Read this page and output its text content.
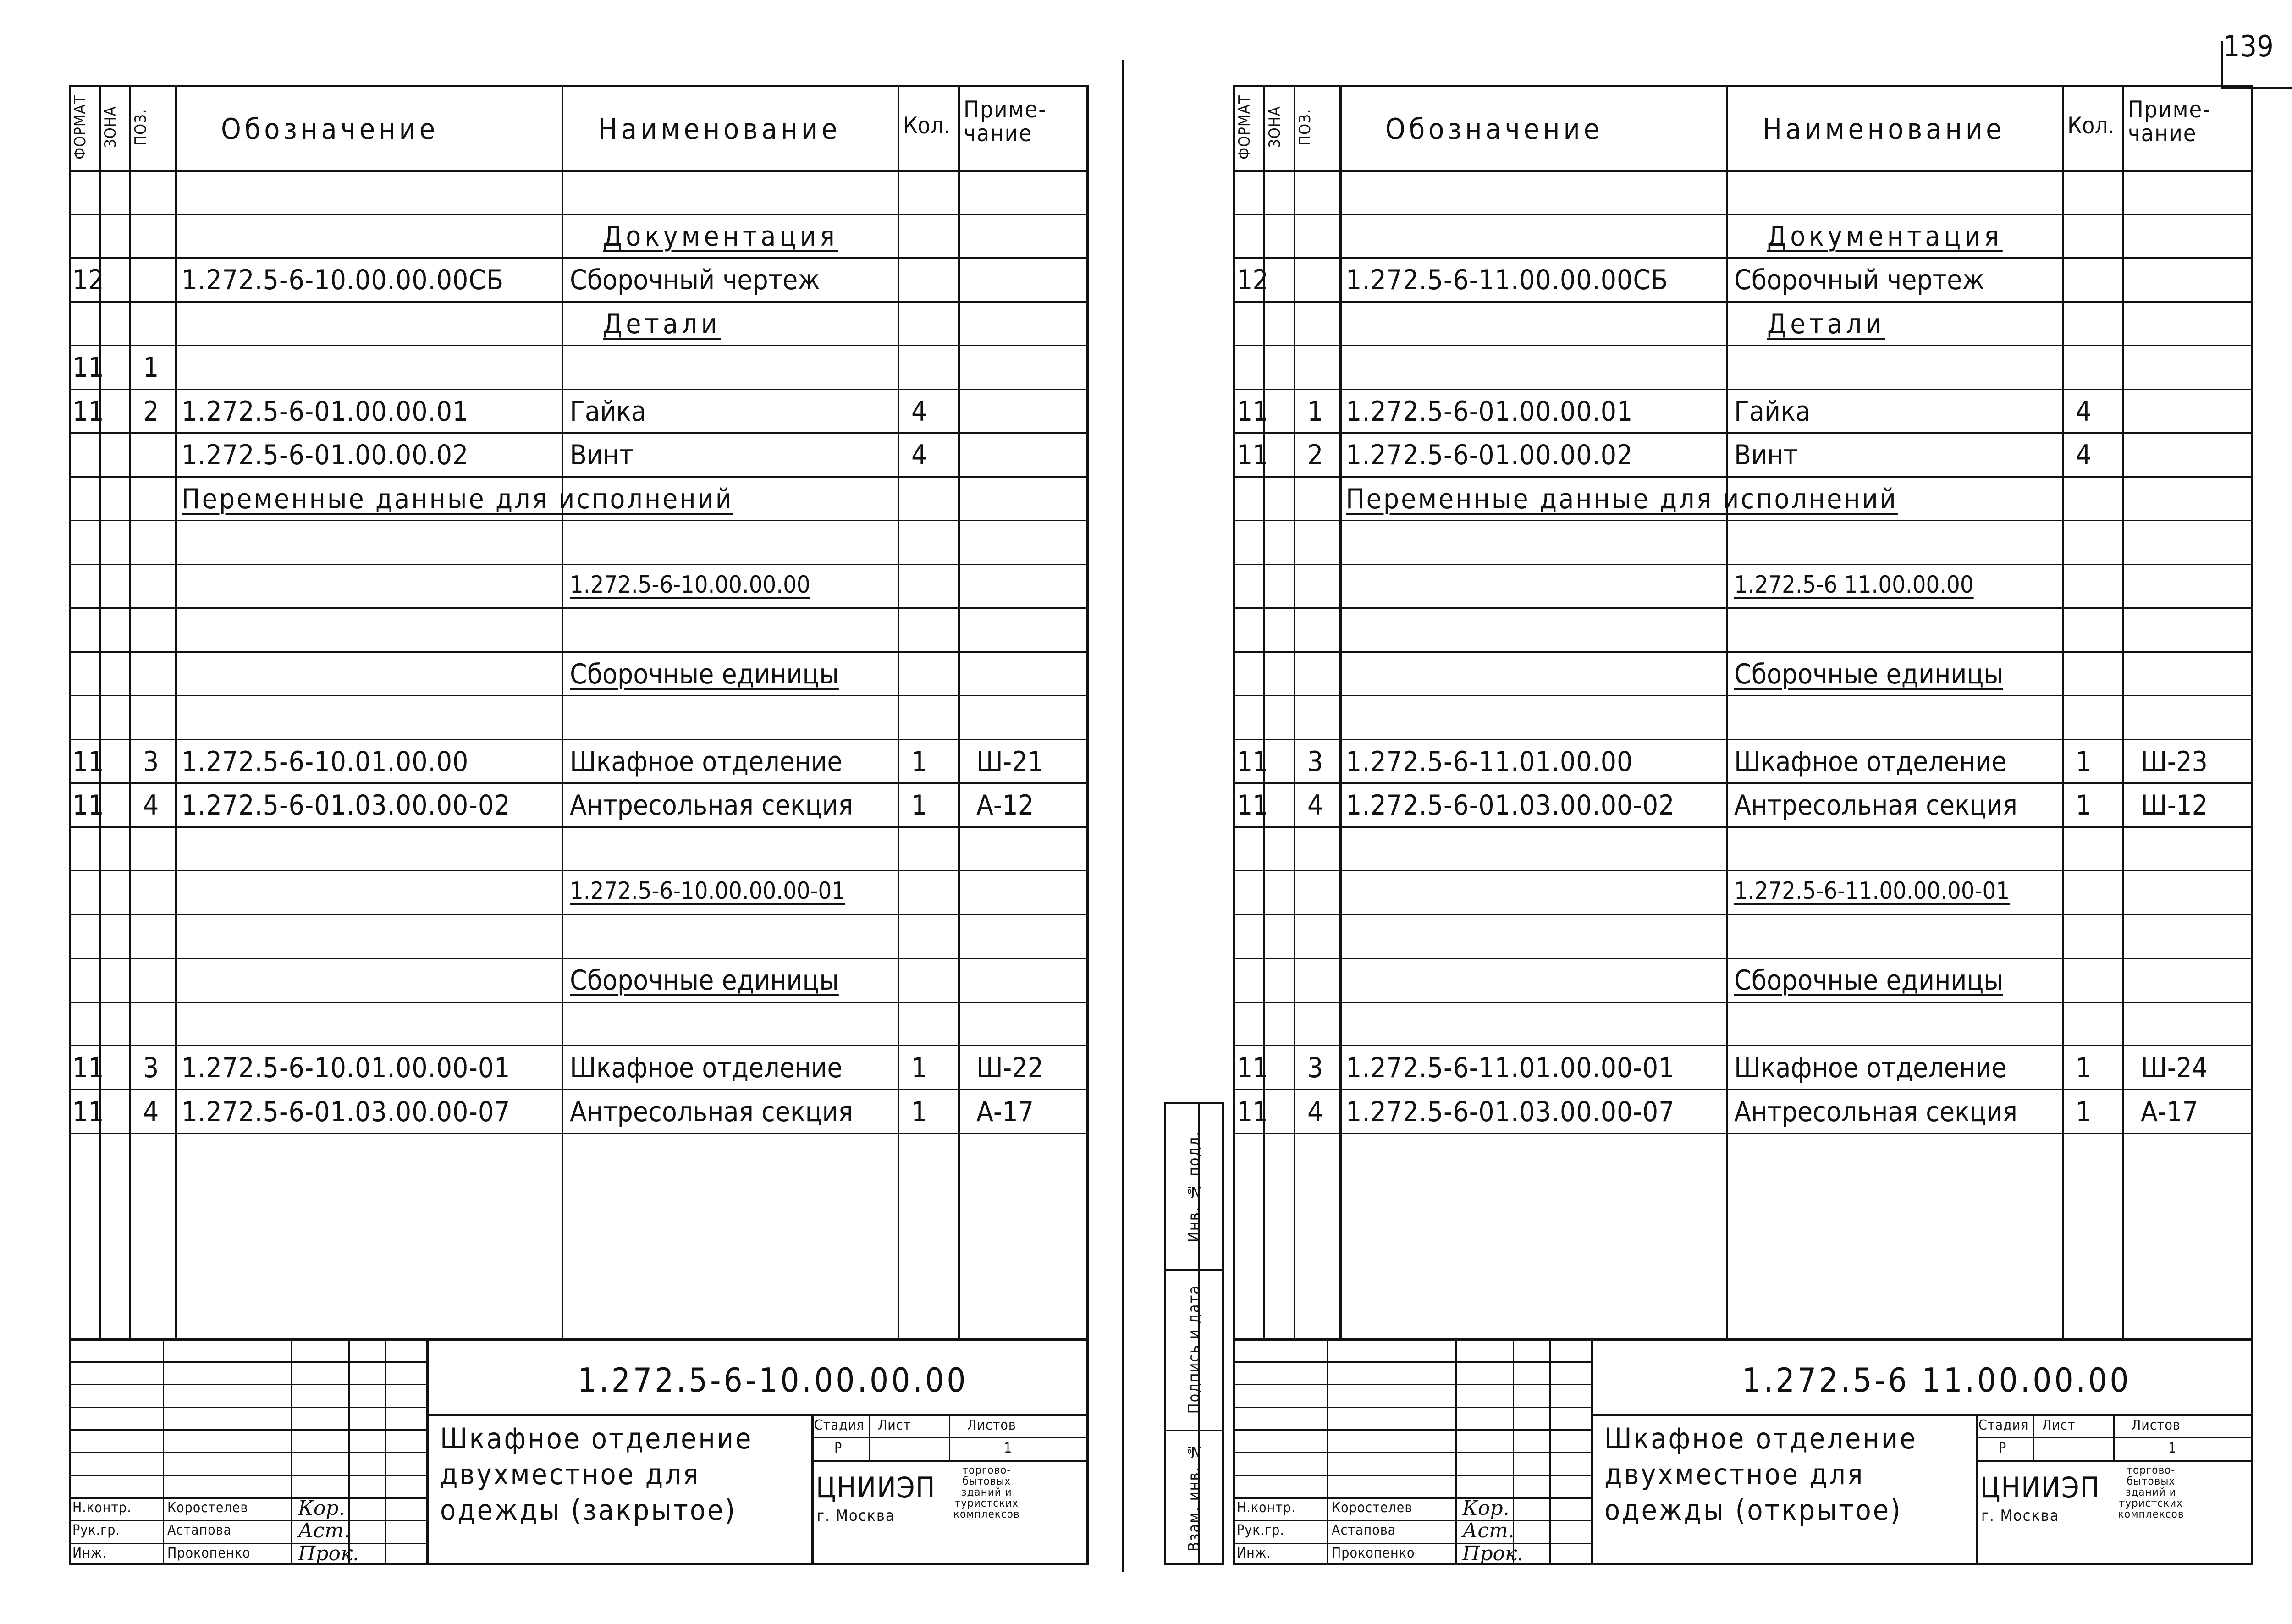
139
ФОРМАТ ЗОНА ПОЗ.	Обозначение	Наименование	Кол.
Приме-
чание
Документация
12	1.272.5-6-10.00.00.00СБ Сборочный чертеж
Детали
11 1
11 2 1.272.5-6-01.00.00.01	Гайка	4
1.272.5-6-01.00.00.02	Винт	4
Переменные данные для исполнений
1.272.5-6-10.00.00.00
Сборочные единицы
11 3 1.272.5-6-10.01.00.00	Шкафное отделение	1 Ш-21
11 4 1.272.5-6-01.03.00.00-02 Антресольная секция 1 А-12
1.272.5-6-10.00.00.00-01
Сборочные единицы
11 3 1.272.5-6-10.01.00.00-01 Шкафное отделение	1 Ш-22
11 4 1.272.5-6-01.03.00.00-07 Антресольная секция 1 А-17
Н.контр.	Коростелев Кор.
Рук.гр.	Астапова	Аст.
Инж.	Прокопенко Прок.
1.272.5-6-10.00.00.00
Шкафное отделение
двухместное для
одежды (закрытое)
Стадия Лист	Листов
Р	1
ЦНИИЭП
г. Москва
торгово-
бытовых
зданий и
туристских
комплексов
ФОРМАТ ЗОНА ПОЗ.	Обозначение	Наименование	Кол.
Приме-
чание
Документация
12	1.272.5-6-11.00.00.00СБ Сборочный чертеж
Детали
11 1 1.272.5-6-01.00.00.01	Гайка	4
11 2 1.272.5-6-01.00.00.02	Винт	4
Переменные данные для исполнений
1.272.5-6 11.00.00.00
Сборочные единицы
11 3 1.272.5-6-11.01.00.00	Шкафное отделение	1 Ш-23
11 4 1.272.5-6-01.03.00.00-02 Антресольная секция 1 Ш-12
1.272.5-6-11.00.00.00-01
Сборочные единицы
11 3 1.272.5-6-11.01.00.00-01 Шкафное отделение	1 Ш-24
11 4 1.272.5-6-01.03.00.00-07 Антресольная секция 1 А-17
Н.контр.	Коростелев Кор.
Рук.гр.	Астапова	Аст.
Инж.	Прокопенко Прок.
1.272.5-6 11.00.00.00
Шкафное отделение
двухместное для
одежды (открытое)
Стадия Лист	Листов
Р	1
ЦНИИЭП
г. Москва
торгово-
бытовых
зданий и
туристских
комплексов
Инв. № подл.
Подпись и дата
Взам. инв. №
